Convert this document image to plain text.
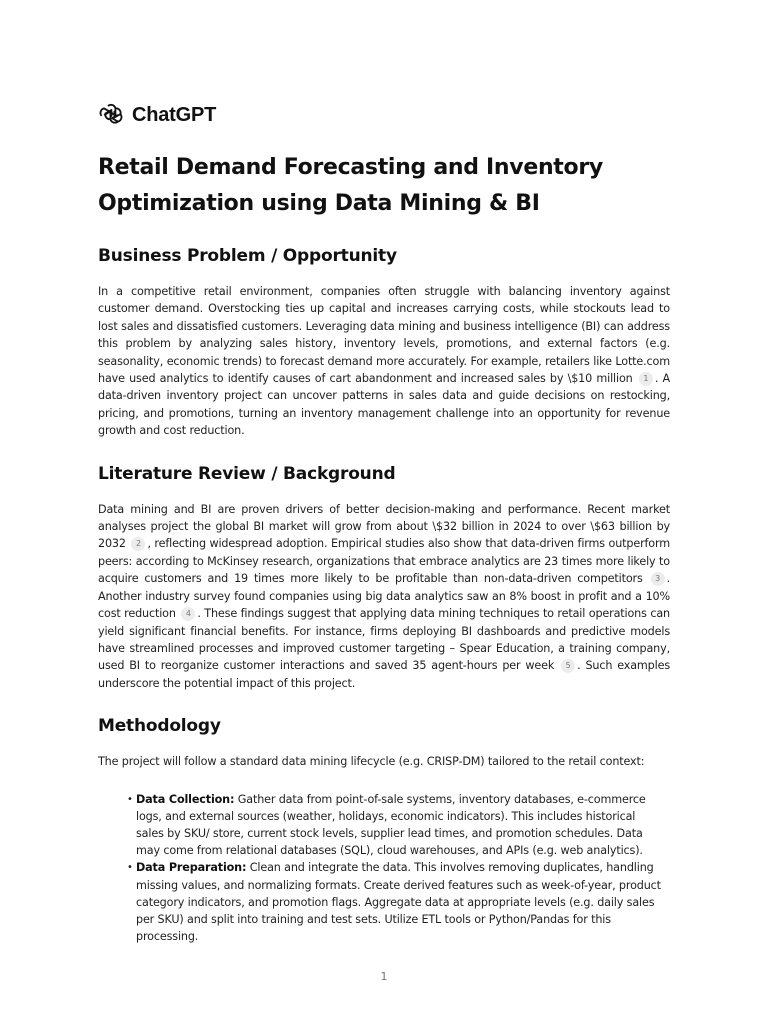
ChatGPT
Retail Demand Forecasting and Inventory Optimization using Data Mining & BI
Business Problem / Opportunity

In a competitive retail environment, companies often struggle with balancing inventory against customer demand. Overstocking ties up capital and increases carrying costs, while stockouts lead to lost sales and dissatisfied customers. Leveraging data mining and business intelligence (BI) can address this problem by analyzing sales history, inventory levels, promotions, and external factors (e.g. seasonality, economic trends) to forecast demand more accurately. For example, retailers like Lotte.com have used analytics to identify causes of cart abandonment and increased sales by \$10 million 1 . A data-driven inventory project can uncover patterns in sales data and guide decisions on restocking, pricing, and promotions, turning an inventory management challenge into an opportunity for revenue growth and cost reduction.

Literature Review / Background

Data mining and BI are proven drivers of better decision-making and performance. Recent market analyses project the global BI market will grow from about \$32 billion in 2024 to over \$63 billion by 2032 2 , reflecting widespread adoption. Empirical studies also show that data-driven firms outperform peers: according to McKinsey research, organizations that embrace analytics are 23 times more likely to acquire customers and 19 times more likely to be profitable than non-data-driven competitors 3 . Another industry survey found companies using big data analytics saw an 8% boost in profit and a 10% cost reduction 4 . These findings suggest that applying data mining techniques to retail operations can yield significant financial benefits. For instance, firms deploying BI dashboards and predictive models have streamlined processes and improved customer targeting – Spear Education, a training company, used BI to reorganize customer interactions and saved 35 agent-hours per week 5 . Such examples underscore the potential impact of this project.

Methodology

The project will follow a standard data mining lifecycle (e.g. CRISP-DM) tailored to the retail context:

• Data Collection: Gather data from point-of-sale systems, inventory databases, e-commerce logs, and external sources (weather, holidays, economic indicators). This includes historical sales by SKU/ store, current stock levels, supplier lead times, and promotion schedules. Data may come from relational databases (SQL), cloud warehouses, and APIs (e.g. web analytics).
• Data Preparation: Clean and integrate the data. This involves removing duplicates, handling missing values, and normalizing formats. Create derived features such as week-of-year, product category indicators, and promotion flags. Aggregate data at appropriate levels (e.g. daily sales per SKU) and split into training and test sets. Utilize ETL tools or Python/Pandas for this processing.
1
